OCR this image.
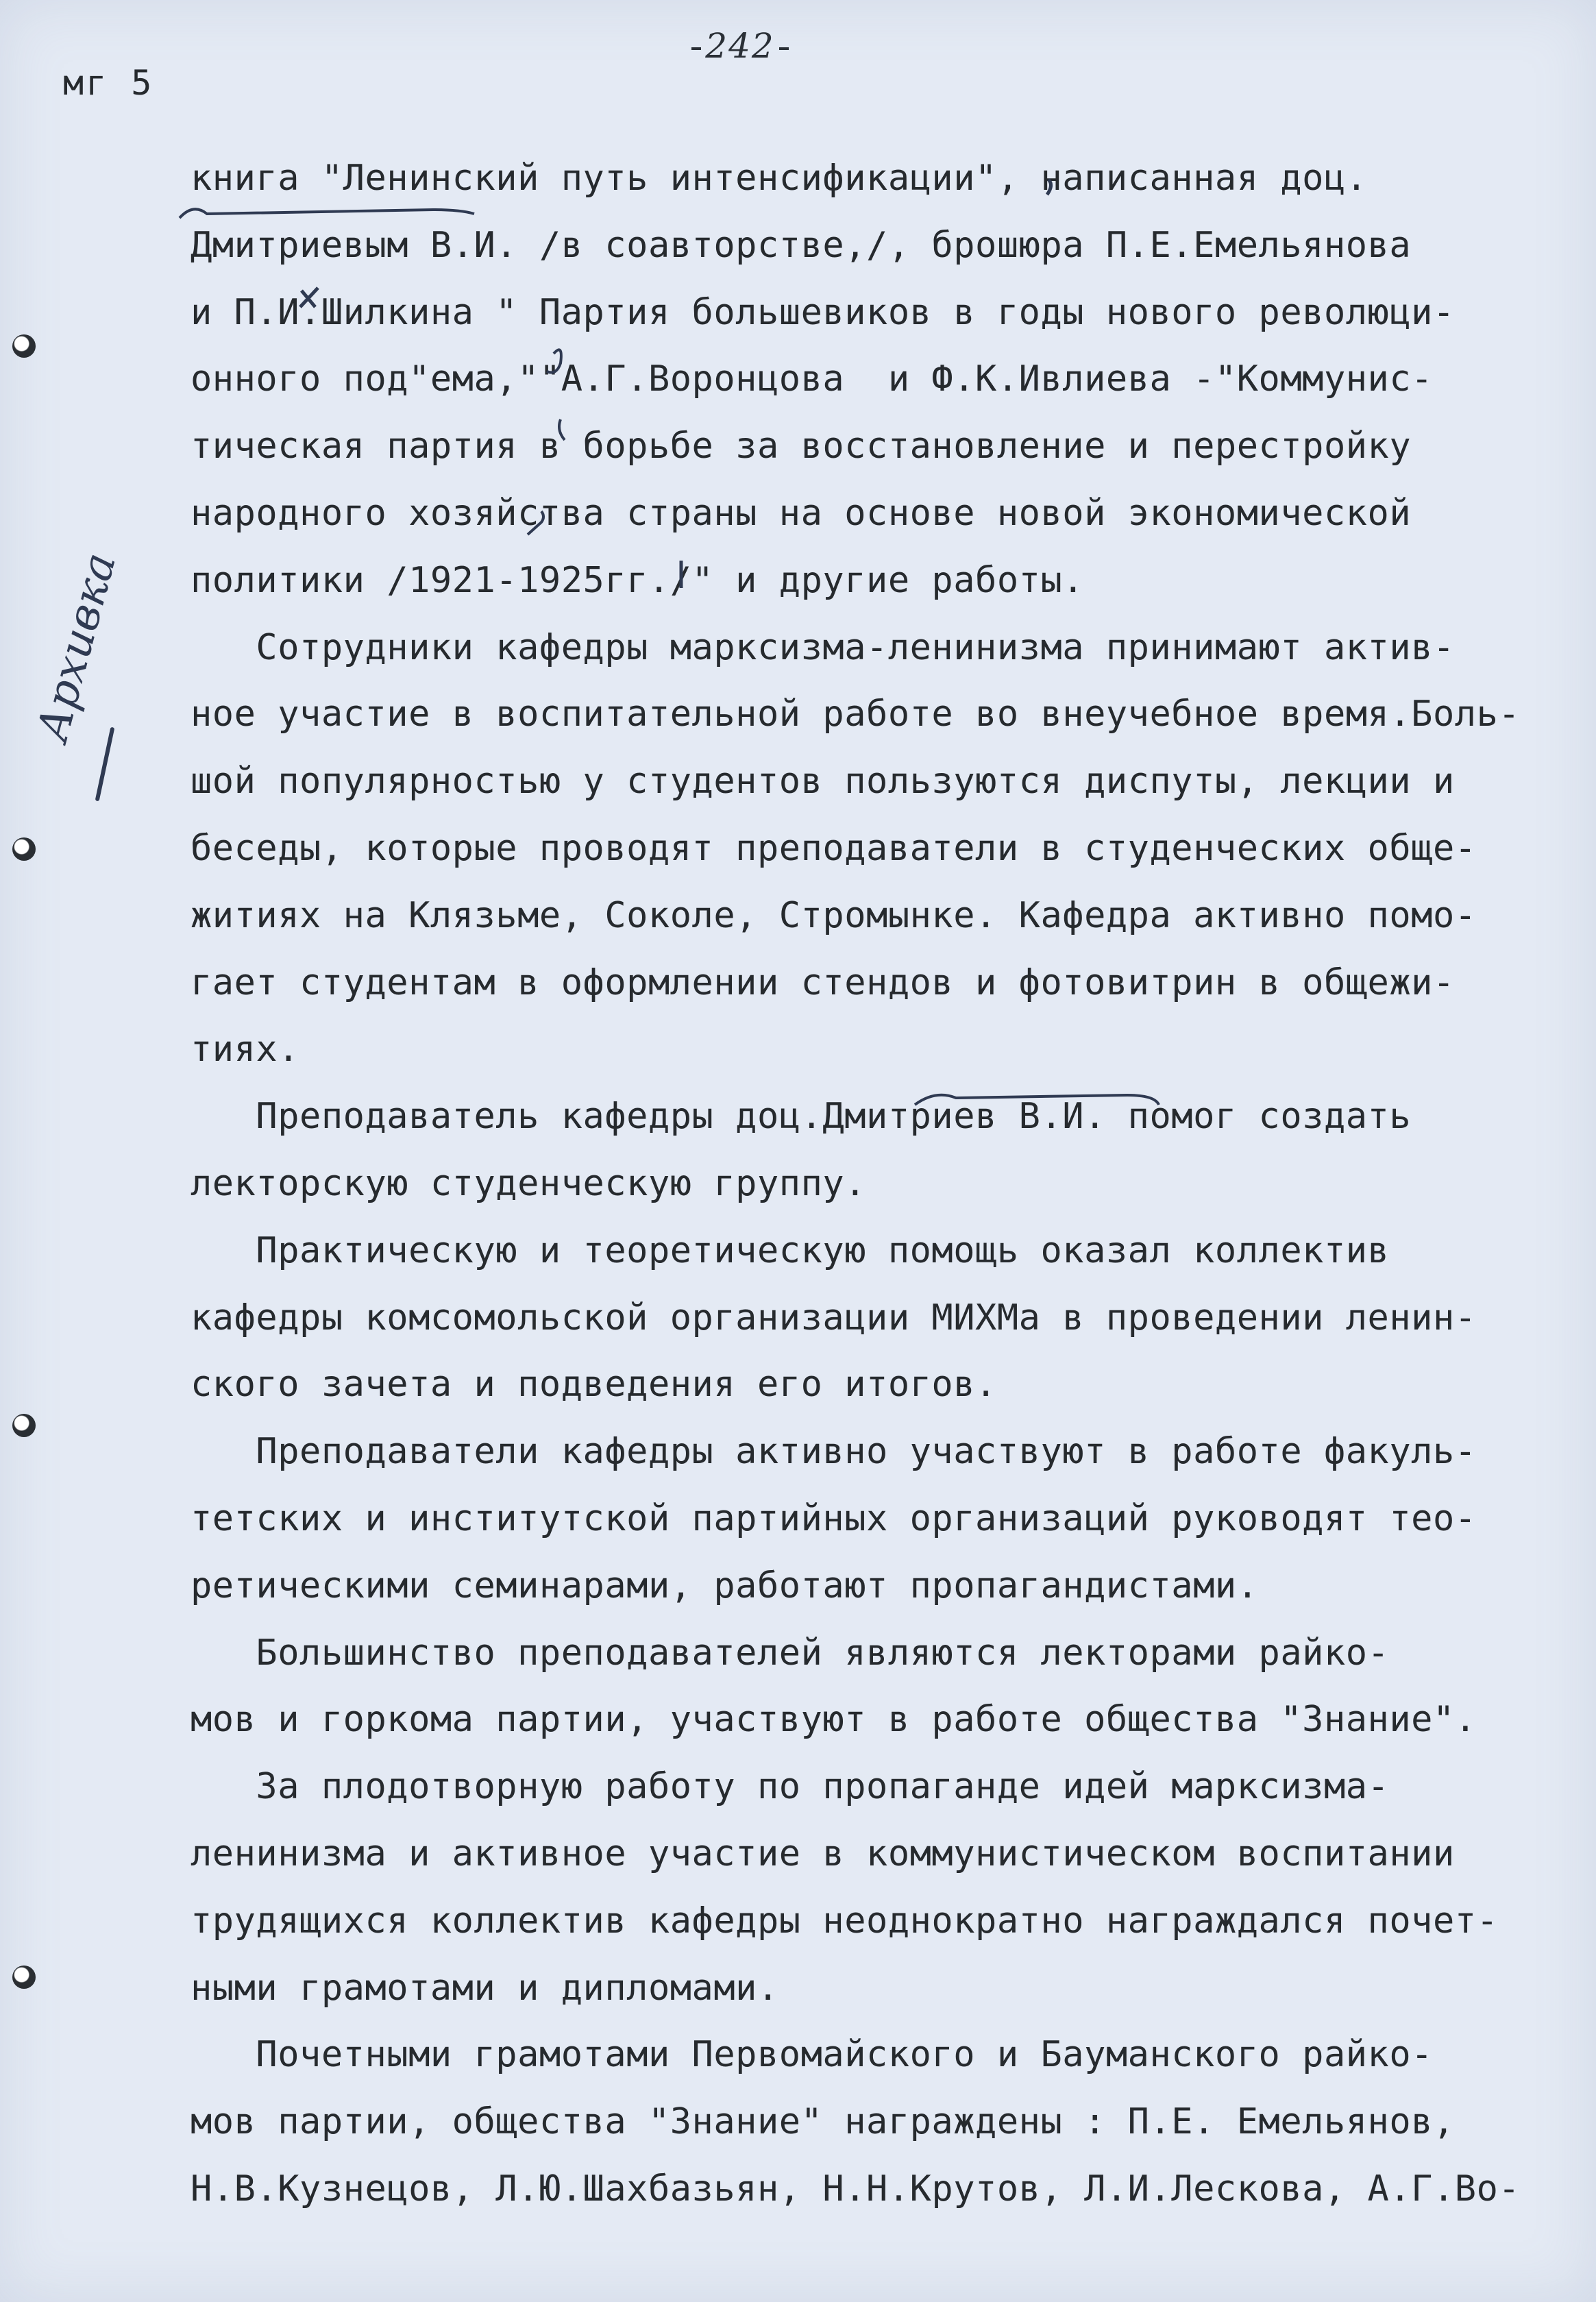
242
мг 5
Архивка
книга "Ленинский путь интенсификации", написанная доц.
Дмитриевым В.И. /в соавторстве,/, брошюра П.Е.Емельянова
и П.И.Шилкина " Партия большевиков в годы нового революци-
онного под"ема,""А.Г.Воронцова  и Ф.К.Ивлиева -"Коммунис-
тическая партия в борьбе за восстановление и перестройку
народного хозяйства страны на основе новой экономической
политики /1921-1925гг./" и другие работы.
Сотрудники кафедры марксизма-ленинизма принимают актив-
ное участие в воспитательной работе во внеучебное время.Боль-
шой популярностью у студентов пользуются диспуты, лекции и
беседы, которые проводят преподаватели в студенческих обще-
житиях на Клязьме, Соколе, Стромынке. Кафедра активно помо-
гает студентам в оформлении стендов и фотовитрин в общежи-
тиях.
Преподаватель кафедры доц.Дмитриев В.И. помог создать
лекторскую студенческую группу.
Практическую и теоретическую помощь оказал коллектив
кафедры комсомольской организации МИХМа в проведении ленин-
ского зачета и подведения его итогов.
Преподаватели кафедры активно участвуют в работе факуль-
тетских и институтской партийных организаций руководят тео-
ретическими семинарами, работают пропагандистами.
Большинство преподавателей являются лекторами райко-
мов и горкома партии, участвуют в работе общества "Знание".
За плодотворную работу по пропаганде идей марксизма-
ленинизма и активное участие в коммунистическом воспитании
трудящихся коллектив кафедры неоднократно награждался почет-
ными грамотами и дипломами.
Почетными грамотами Первомайского и Бауманского райко-
мов партии, общества "Знание" награждены : П.Е. Емельянов,
Н.В.Кузнецов, Л.Ю.Шахбазьян, Н.Н.Крутов, Л.И.Лескова, А.Г.Во-
